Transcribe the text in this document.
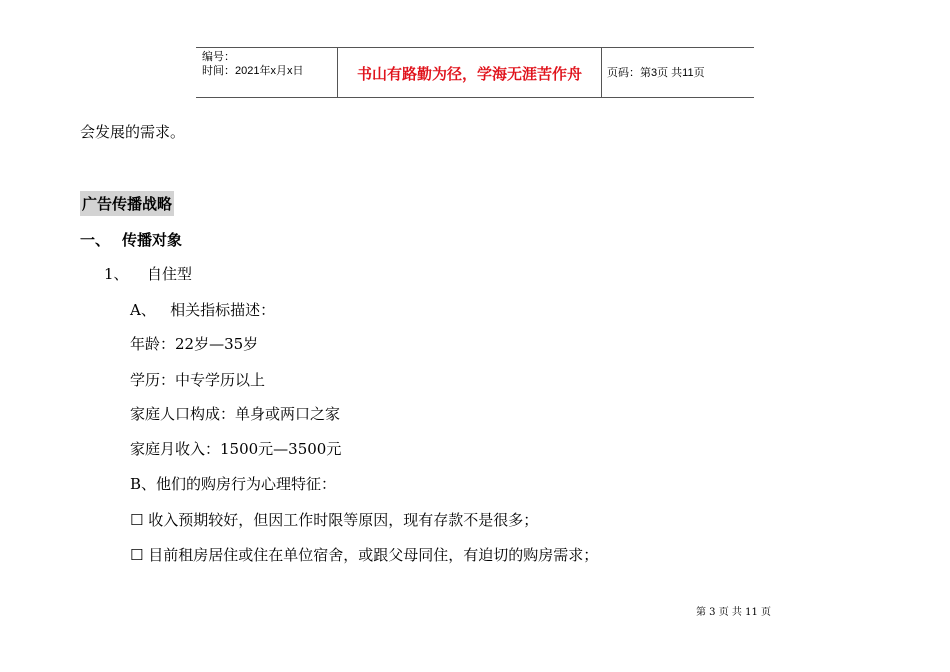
编号：
时间：2021年x月x日	书山有路勤为径，学海无涯苦作舟	页码：第3页 共11页
会发展的需求。
广告传播战略
一、 传播对象
1、 自住型
A、   相关指标描述：
年龄：22岁—35岁
学历：中专学历以上
家庭人口构成：单身或两口之家
家庭月收入：1500元—3500元
B、他们的购房行为心理特征：
☐ 收入预期较好，但因工作时限等原因，现有存款不是很多；
☐ 目前租房居住或住在单位宿舍，或跟父母同住，有迫切的购房需求；
第 3 页 共 11 页
